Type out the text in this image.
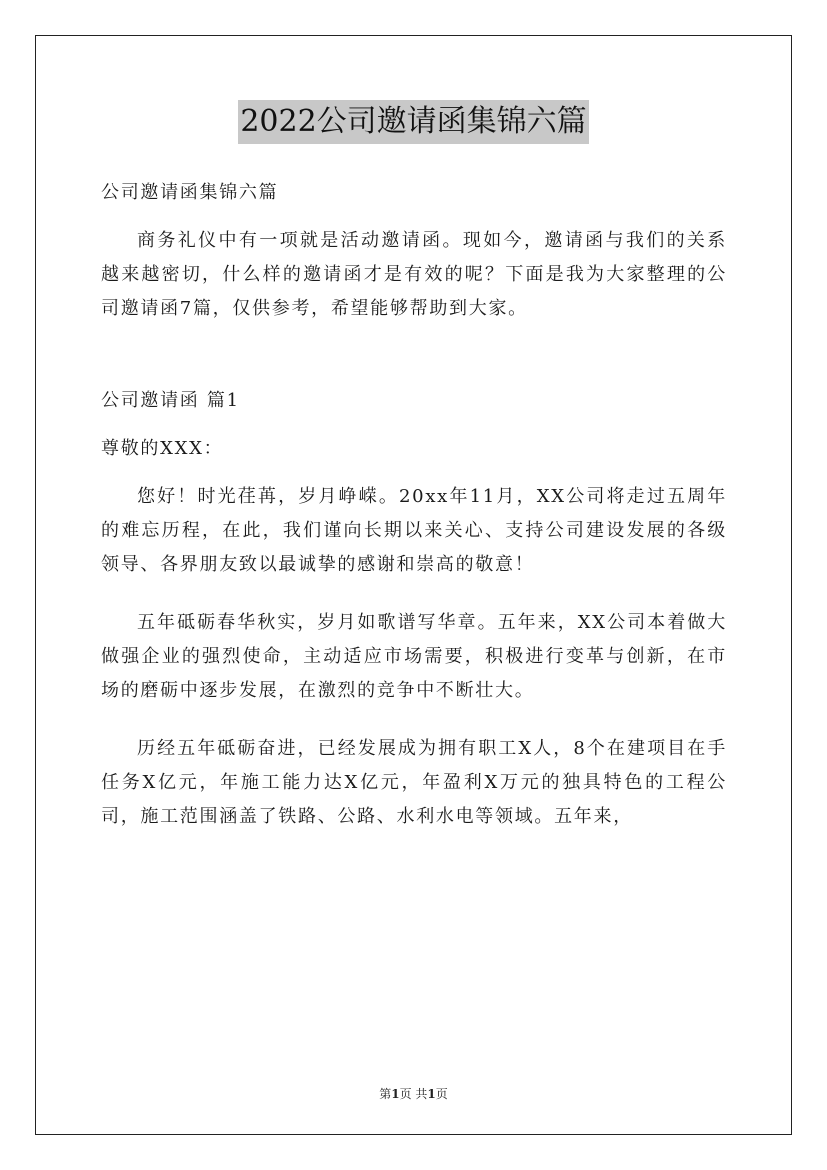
2022公司邀请函集锦六篇
公司邀请函集锦六篇

商务礼仪中有一项就是活动邀请函。现如今，邀请函与我们的关系越来越密切，什么样的邀请函才是有效的呢？下面是我为大家整理的公司邀请函7篇，仅供参考，希望能够帮助到大家。

公司邀请函 篇1
尊敬的XXX：

您好！时光荏苒，岁月峥嵘。20xx年11月，XX公司将走过五周年的难忘历程，在此，我们谨向长期以来关心、支持公司建设发展的各级领导、各界朋友致以最诚挚的感谢和崇高的敬意！

五年砥砺春华秋实，岁月如歌谱写华章。五年来，XX公司本着做大做强企业的强烈使命，主动适应市场需要，积极进行变革与创新，在市场的磨砺中逐步发展，在激烈的竞争中不断壮大。

历经五年砥砺奋进，已经发展成为拥有职工X人，8个在建项目在手任务X亿元，年施工能力达X亿元，年盈利X万元的独具特色的工程公司，施工范围涵盖了铁路、公路、水利水电等领域。五年来，

第1页 共1页
